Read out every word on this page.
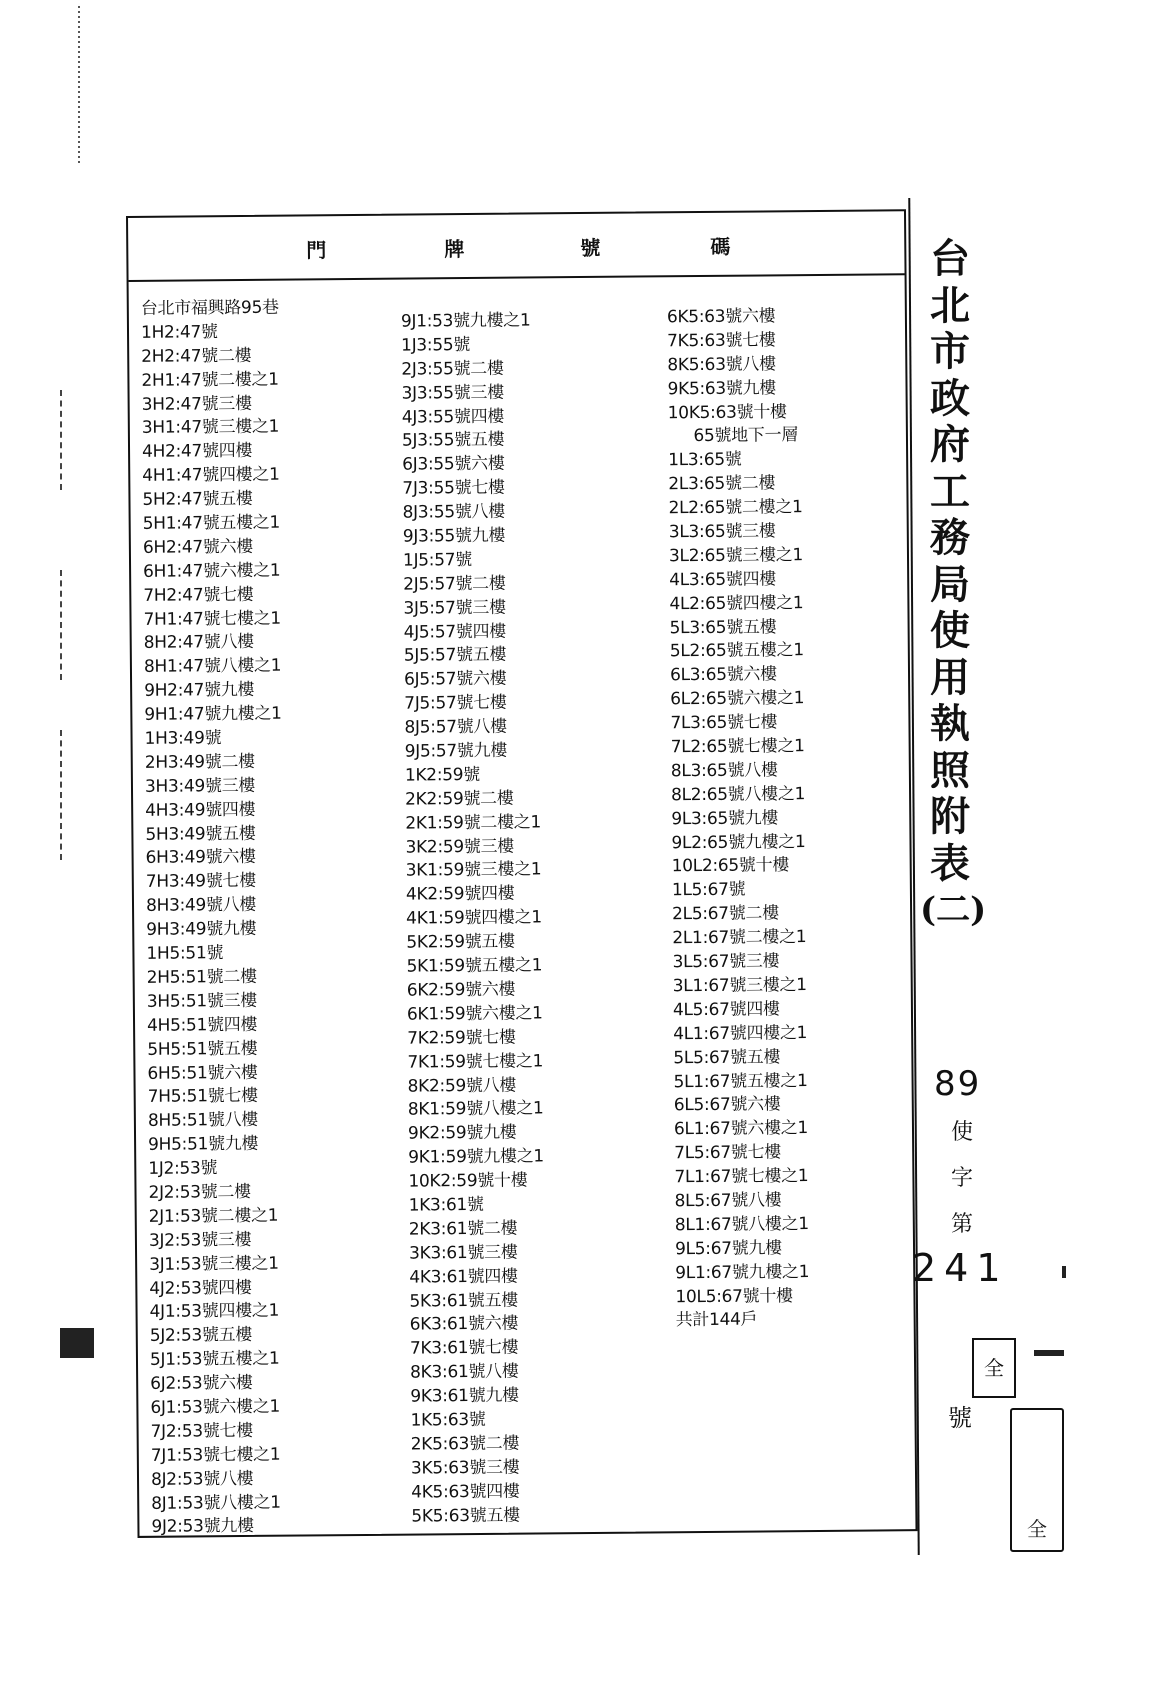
門	牌	號	碼
台北市福興路95巷
1H2:47號
2H2:47號二樓
2H1:47號二樓之1
3H2:47號三樓
3H1:47號三樓之1
4H2:47號四樓
4H1:47號四樓之1
5H2:47號五樓
5H1:47號五樓之1
6H2:47號六樓
6H1:47號六樓之1
7H2:47號七樓
7H1:47號七樓之1
8H2:47號八樓
8H1:47號八樓之1
9H2:47號九樓
9H1:47號九樓之1
1H3:49號
2H3:49號二樓
3H3:49號三樓
4H3:49號四樓
5H3:49號五樓
6H3:49號六樓
7H3:49號七樓
8H3:49號八樓
9H3:49號九樓
1H5:51號
2H5:51號二樓
3H5:51號三樓
4H5:51號四樓
5H5:51號五樓
6H5:51號六樓
7H5:51號七樓
8H5:51號八樓
9H5:51號九樓
1J2:53號
2J2:53號二樓
2J1:53號二樓之1
3J2:53號三樓
3J1:53號三樓之1
4J2:53號四樓
4J1:53號四樓之1
5J2:53號五樓
5J1:53號五樓之1
6J2:53號六樓
6J1:53號六樓之1
7J2:53號七樓
7J1:53號七樓之1
8J2:53號八樓
8J1:53號八樓之1
9J2:53號九樓
9J1:53號九樓之1
1J3:55號
2J3:55號二樓
3J3:55號三樓
4J3:55號四樓
5J3:55號五樓
6J3:55號六樓
7J3:55號七樓
8J3:55號八樓
9J3:55號九樓
1J5:57號
2J5:57號二樓
3J5:57號三樓
4J5:57號四樓
5J5:57號五樓
6J5:57號六樓
7J5:57號七樓
8J5:57號八樓
9J5:57號九樓
1K2:59號
2K2:59號二樓
2K1:59號二樓之1
3K2:59號三樓
3K1:59號三樓之1
4K2:59號四樓
4K1:59號四樓之1
5K2:59號五樓
5K1:59號五樓之1
6K2:59號六樓
6K1:59號六樓之1
7K2:59號七樓
7K1:59號七樓之1
8K2:59號八樓
8K1:59號八樓之1
9K2:59號九樓
9K1:59號九樓之1
10K2:59號十樓
1K3:61號
2K3:61號二樓
3K3:61號三樓
4K3:61號四樓
5K3:61號五樓
6K3:61號六樓
7K3:61號七樓
8K3:61號八樓
9K3:61號九樓
1K5:63號
2K5:63號二樓
3K5:63號三樓
4K5:63號四樓
5K5:63號五樓
6K5:63號六樓
7K5:63號七樓
8K5:63號八樓
9K5:63號九樓
10K5:63號十樓
65號地下一層
1L3:65號
2L3:65號二樓
2L2:65號二樓之1
3L3:65號三樓
3L2:65號三樓之1
4L3:65號四樓
4L2:65號四樓之1
5L3:65號五樓
5L2:65號五樓之1
6L3:65號六樓
6L2:65號六樓之1
7L3:65號七樓
7L2:65號七樓之1
8L3:65號八樓
8L2:65號八樓之1
9L3:65號九樓
9L2:65號九樓之1
10L2:65號十樓
1L5:67號
2L5:67號二樓
2L1:67號二樓之1
3L5:67號三樓
3L1:67號三樓之1
4L5:67號四樓
4L1:67號四樓之1
5L5:67號五樓
5L1:67號五樓之1
6L5:67號六樓
6L1:67號六樓之1
7L5:67號七樓
7L1:67號七樓之1
8L5:67號八樓
8L1:67號八樓之1
9L5:67號九樓
9L1:67號九樓之1
10L5:67號十樓
共計144戶
台
北
市
政
府
工
務
局
使
用
執
照
附
表
(二)
89
使
字
第
241
全
號
全
